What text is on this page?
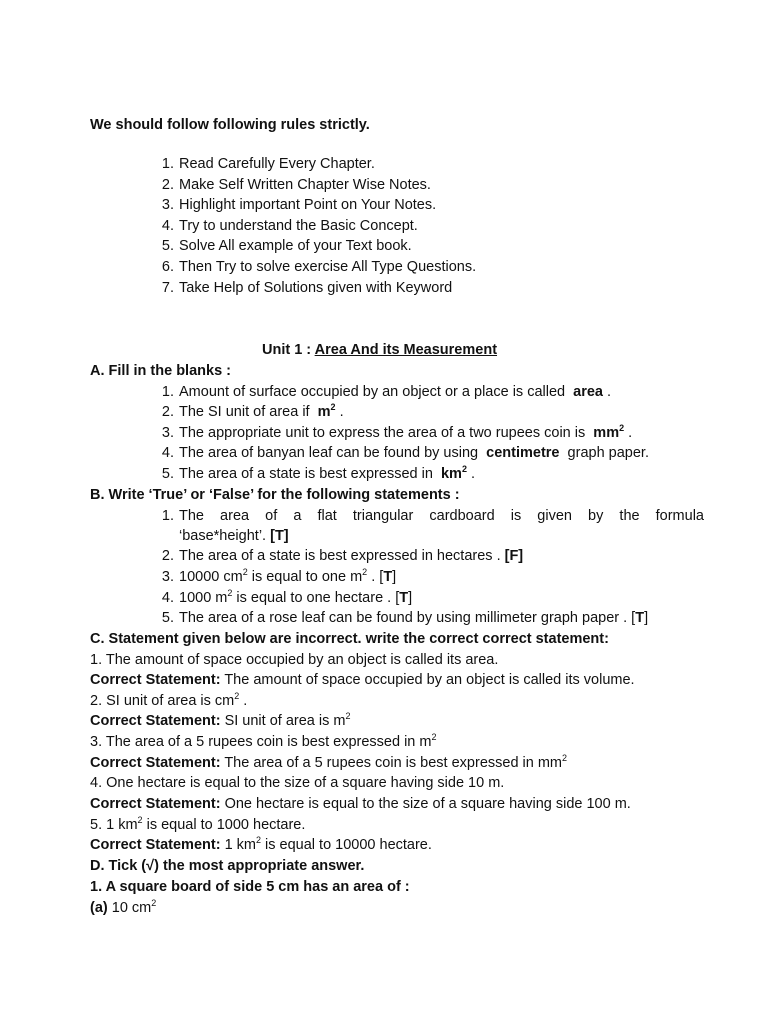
We should follow following rules strictly.
1. Read Carefully Every Chapter.
2. Make Self Written Chapter Wise Notes.
3. Highlight important Point on Your Notes.
4. Try to understand the Basic Concept.
5. Solve All example of your Text book.
6. Then Try to solve exercise All Type Questions.
7. Take Help of Solutions given with Keyword
Unit 1 : Area And its Measurement
A. Fill in the blanks :
1. Amount of surface occupied by an object or a place is called area .
2. The SI unit of area if $m^2$ .
3. The appropriate unit to express the area of a two rupees coin is $mm^2$ .
4. The area of banyan leaf can be found by using centimetre graph paper.
5. The area of a state is best expressed in $km^2$ .
B. Write ‘True’ or ‘False’ for the following statements :
1. The area of a flat triangular cardboard is given by the formula
‘base*height’. [T]
2. The area of a state is best expressed in hectares . [F]
3. 10000 $cm^2$ is equal to one $m^2$ . [T]
4. 1000 $m^2$ is equal to one hectare . [T]
5. The area of a rose leaf can be found by using millimeter graph paper . [T]
C. Statement given below are incorrect. write the correct correct statement:
1. The amount of space occupied by an object is called its area.
Correct Statement: The amount of space occupied by an object is called its volume.
2. SI unit of area is $cm^2$ .
Correct Statement: SI unit of area is $m^2$
3. The area of a 5 rupees coin is best expressed in $m^2$
Correct Statement: The area of a 5 rupees coin is best expressed in $mm^2$
4. One hectare is equal to the size of a square having side 10 m.
Correct Statement: One hectare is equal to the size of a square having side 100 m.
5. 1 $km^2$ is equal to 1000 hectare.
Correct Statement: 1 $km^2$ is equal to 10000 hectare.
D. Tick (√) the most appropriate answer.
1. A square board of side 5 cm has an area of :
(a) 10 $cm^2$
